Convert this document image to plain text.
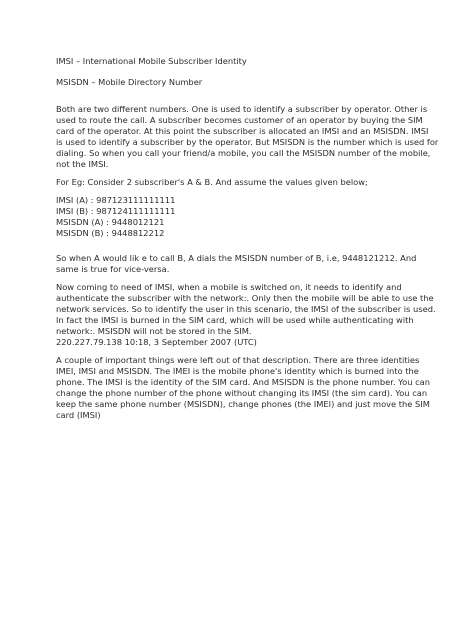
IMSI – International Mobile Subscriber Identity

MSISDN – Mobile Directory Number

Both are two different numbers. One is used to identify a subscriber by operator. Other is

used to route the call. A subscriber becomes customer of an operator by buying the SIM

card of the operator. At this point the subscriber is allocated an IMSI and an MSISDN. IMSI

is used to identify a subscriber by the operator. But MSISDN is the number which is used for

dialing. So when you call your friend/a mobile, you call the MSISDN number of the mobile,

not the IMSI.

For Eg: Consider 2 subscriber's A & B. And assume the values given below;

IMSI (A) : 987123111111111

IMSI (B) : 987124111111111

MSISDN (A) : 9448012121

MSISDN (B) : 9448812212

So when A would lik e to call B, A dials the MSISDN number of B, i.e, 9448121212. And

same is true for vice-versa.

Now coming to need of IMSI, when a mobile is switched on, it needs to identify and

authenticate the subscriber with the network:. Only then the mobile will be able to use the

network services. So to identify the user in this scenario, the IMSI of the subscriber is used.

In fact the IMSI is burned in the SIM card, which will be used while authenticating with

network:. MSISDN will not be stored in the SIM.

220.227.79.138 10:18, 3 September 2007 (UTC)

A couple of important things were left out of that description. There are three identities

IMEI, IMSI and MSISDN. The IMEI is the mobile phone's identity which is burned into the

phone. The IMSI is the identity of the SIM card. And MSISDN is the phone number. You can

change the phone number of the phone without changing its IMSI (the sim card). You can

keep the same phone number (MSISDN), change phones (the IMEI) and just move the SIM

card (IMSI)
